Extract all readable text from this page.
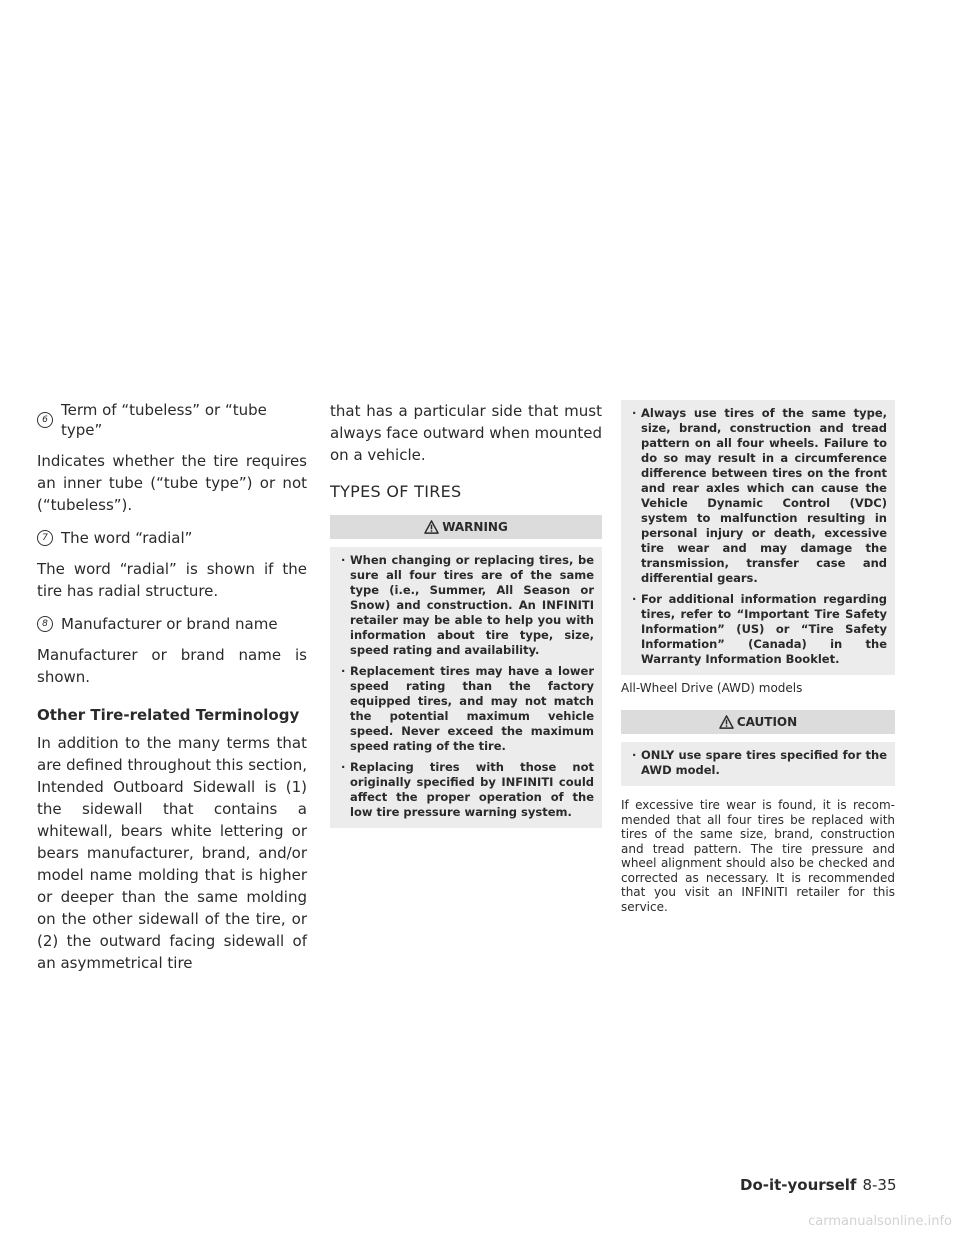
6
Term of “tubeless” or “tube type”

Indicates whether the tire requires an inner tube (“tube type”) or not (“tubeless”).

7 The word “radial”

The word “radial” is shown if the tire has radial structure.

8 Manufacturer or brand name

Manufacturer or brand name is shown.

Other Tire-related Terminology

In addition to the many terms that are defined throughout this section, Intended Outboard Sidewall is (1) the sidewall that contains a whitewall, bears white lettering or bears manufacturer, brand, and/or model name molding that is higher or deeper than the same molding on the other sidewall of the tire, or (2) the outward facing sidewall of an asymmetrical tire

that has a particular side that must always face outward when mounted on a vehicle.

TYPES OF TIRES
WARNING

· When changing or replacing tires, be sure all four tires are of the same type (i.e., Summer, All Season or Snow) and construction. An INFINITI retailer may be able to help you with information about tire type, size, speed rating and availability.

· Replacement tires may have a lower speed rating than the factory equipped tires, and may not match the potential maximum vehicle speed. Never exceed the maximum speed rating of the tire.

· Replacing tires with those not originally specified by INFINITI could affect the proper operation of the low tire pressure warning system.

· Always use tires of the same type, size, brand, construction and tread pattern on all four wheels. Failure to do so may result in a circumference difference between tires on the front and rear axles which can cause the Vehicle Dynamic Control (VDC) system to malfunction resulting in personal injury or death, excessive tire wear and may damage the transmission, transfer case and differential gears.

· For additional information regarding tires, refer to “Important Tire Safety Information” (US) or “Tire Safety Information” (Canada) in the Warranty Information Booklet.

All-Wheel Drive (AWD) models

CAUTION

· ONLY use spare tires specified for the AWD model.

If excessive tire wear is found, it is recommended that all four tires be replaced with tires of the same size, brand, construction and tread pattern. The tire pressure and wheel alignment should also be checked and corrected as necessary. It is recommended that you visit an INFINITI retailer for this service.

Do-it-yourself 8-35
carmanualsonline.info
